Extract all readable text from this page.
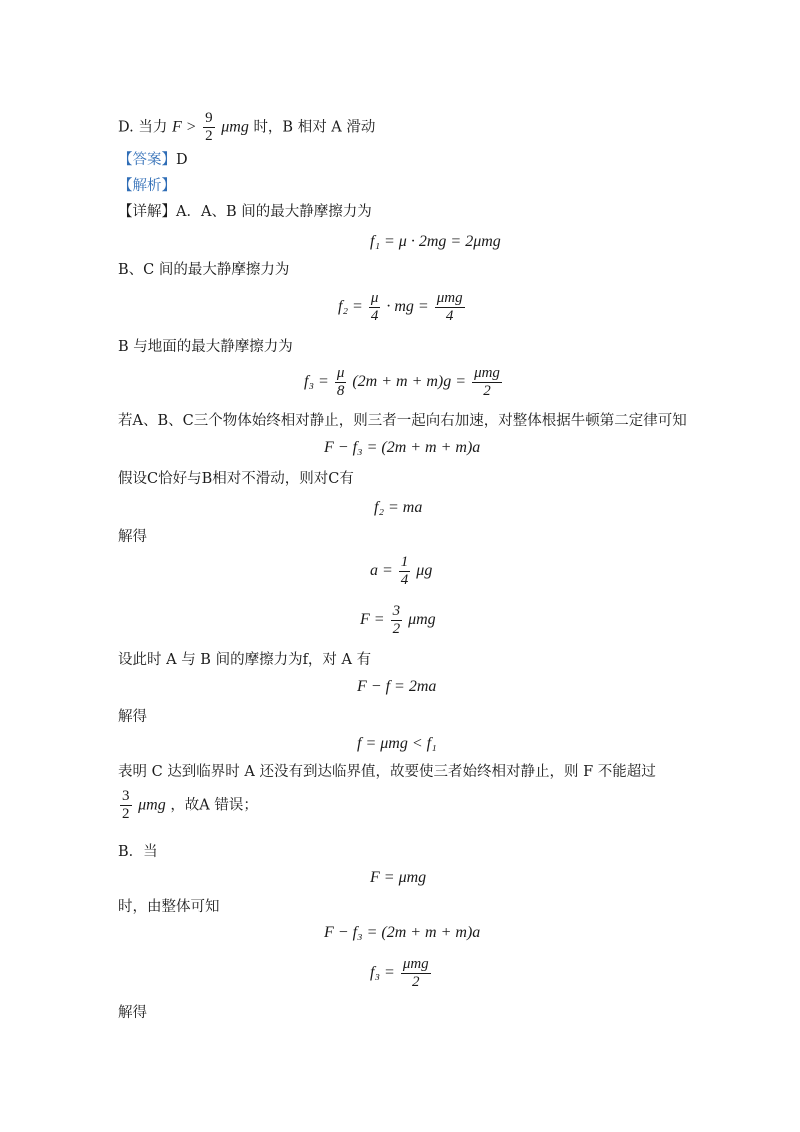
D. 当力 $F > \frac{9}{2}$ μmg 时，B 相对 A 滑动
【答案】D
【解析】
【详解】A．A、B 间的最大静摩擦力为
f₁ = μ · 2mg = 2μmg
B、C 间的最大静摩擦力为
$f_2 = \frac{\mu}{4}$ · mg = $\frac{\text{μmg}}{4}$
B 与地面的最大静摩擦力为
$f_3 = \frac{\mu}{8} (2m + m + m)g = \frac{\text{μmg}}{2}$
若A、B、C三个物体始终相对静止，则三者一起向右加速，对整体根据牛顿第二定律可知
F − f₃ = (2m + m + m)a
假设C恰好与B相对不滑动，则对C有
f₂ = ma
解得
$a = \frac{1}{4}$ μg
$F = \frac{3}{2}$ μmg
设此时 A 与 B 间的摩擦力为f，对 A 有
F − f = 2ma
解得
f = μmg < f₁
表明 C 达到临界时 A 还没有到达临界值，故要使三者始终相对静止，则 F 不能超过
$\frac{3}{2}$ μmg ，故A 错误；
B．当
F = μmg
时，由整体可知
F − f₃ = (2m + m + m)a
$f_3 = \frac{\text{μmg}}{2}$
解得
